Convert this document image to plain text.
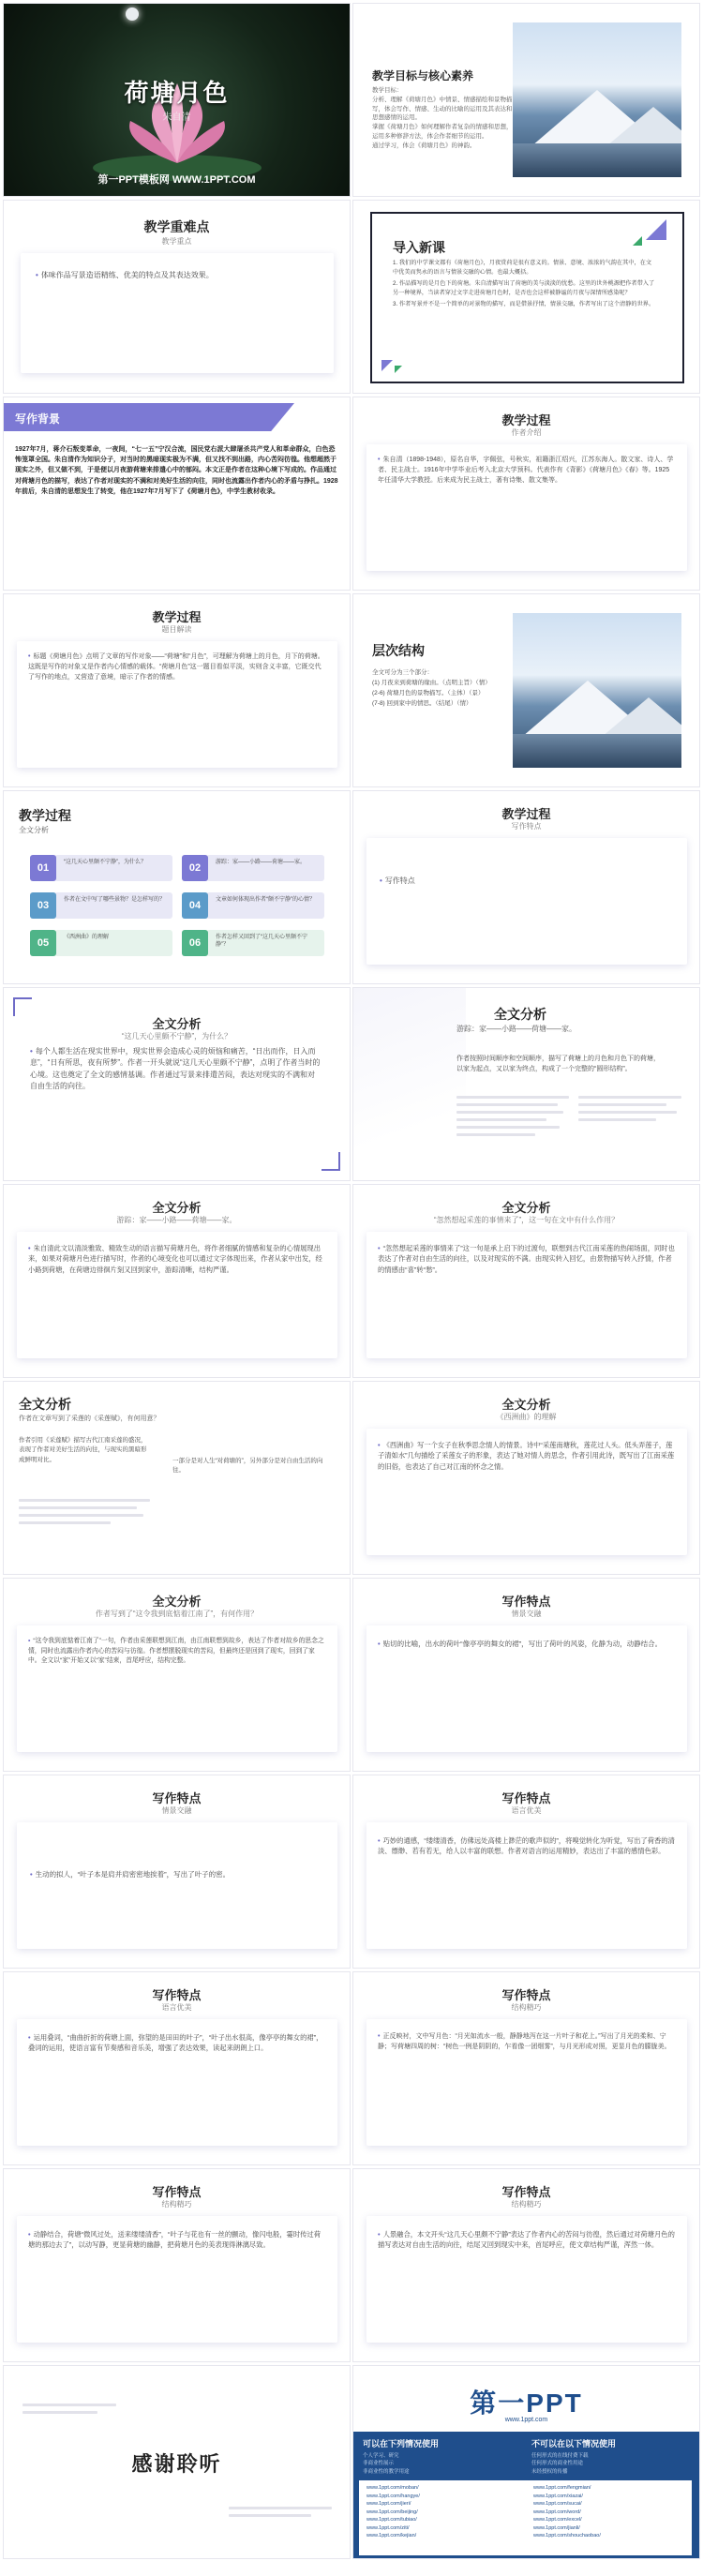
荷塘月色
朱自清
第一PPT模板网 WWW.1PPT.COM
教学目标与核心素养
教学目标：
分析、理解《荷塘月色》中情景、情感描绘和景物描写，体会写作、情感、生动的比喻的运用及其表达和思想感情的运用。
掌握《荷塘月色》如何理解作者复杂的情感和思想，运用多种修辞方法，体会作者细节的运用。
通过学习，体会《荷塘月色》的神韵。
教学重难点
教学重点
• 体味作品写景造语精练、优美的特点及其表达效果。
导入新课
1. 我们的中学课文都有《荷塘月色》，月夜赏荷是很有意义的。情景、意境、浓浓的气韵在其中，在文中优美而隽永的语言与情景交融的心情。也最大概括。
2. 作品描写的是月色下的荷塘。朱自清描写出了荷塘的美与淡淡的忧愁。这里的世外桃源把作者带入了另一种境界，当读者穿过文字走进荷塘月色时，是否也会这样被静谧的月夜与深情所感染呢？
3. 作者写景并不是一个简单的对景物的描写，而是借景抒情，情景交融，作者写出了这个清静的世界。
写作背景
1927年7月，蒋介石叛变革命，一夜间，“七一五”宁汉合流，国民党右派大肆屠杀共产党人和革命群众，白色恐怖笼罩全国。朱自清作为知识分子，对当时的黑暗现实极为不满，但又找不到出路，内心苦闷彷徨。他想超然于现实之外，但又做不到，于是便以月夜游荷塘来排遣心中的郁闷。本文正是作者在这种心境下写成的。作品通过对荷塘月色的描写，表达了作者对现实的不满和对美好生活的向往，同时也流露出作者内心的矛盾与挣扎。1928年前后，朱自清的思想发生了转变，他在1927年7月写下了《荷塘月色》，中学生教材收录。
教学过程
作者介绍
• 朱自清（1898-1948），原名自华，字佩弦，号秋实，祖籍浙江绍兴，江苏东海人。散文家、诗人、学者、民主战士。1916年中学毕业后考入北京大学预科。代表作有《背影》《荷塘月色》《春》等。1925年任清华大学教授。后来成为民主战士，著有诗集、散文集等。
教学过程
题目解读
• 标题《荷塘月色》点明了文章的写作对象——“荷塘”和“月色”，可理解为荷塘上的月色，月下的荷塘。这既是写作的对象又是作者内心情感的载体。“荷塘月色”这一题目看似平淡，实则含义丰富，它既交代了写作的地点，又营造了意境，暗示了作者的情感。
层次结构
全文可分为三个部分：
(1) 月夜来到荷塘的缘由。（点明主旨）（情）
(2-6) 荷塘月色的景物描写。（主体）（景）
(7-8) 回到家中的情思。（结尾）（情）
教学过程
全文分析
01	“这几天心里颇不宁静”，为什么？	02	游踪：家——小路——荷塘——家。
03	作者在文中写了哪些景物？是怎样写的？	04	文章如何体现出作者“颇不宁静”的心情？
05	《西洲曲》的理解	06	作者怎样又回到了“这几天心里颇不宁静”？
教学过程
写作特点
• 写作特点
全文分析
“这几天心里颇不宁静”，为什么？
• 每个人都生活在现实世界中，现实世界会造成心灵的烦恼和痛苦，“日出而作，日入而息”，“日有所思，夜有所梦”。作者一开头就说“这几天心里颇不宁静”，点明了作者当时的心境。这也奠定了全文的感情基调。作者通过写景来排遣苦闷，表达对现实的不满和对自由生活的向往。
全文分析
游踪：家——小路——荷塘——家。
作者按照时间顺序和空间顺序，描写了荷塘上的月色和月色下的荷塘，以家为起点，又以家为终点，构成了一个完整的“圆形结构”。
全文分析
游踪：家——小路——荷塘——家。
• 朱自清此文以清淡雅致、精致生动的语言描写荷塘月色，将作者细腻的情感和复杂的心情展现出来，如果对荷塘月色进行描写时，作者的心境变化也可以通过文字体现出来，作者从家中出发，经小路到荷塘，在荷塘边徘徊片刻又回到家中，游踪清晰，结构严谨。
全文分析
“忽然想起采莲的事情来了”，这一句在文中有什么作用？
• “忽然想起采莲的事情来了”这一句是承上启下的过渡句，联想到古代江南采莲的热闹场面，同时也表达了作者对自由生活的向往，以及对现实的不满。由现实转入回忆，由景物描写转入抒情，作者的情感由“喜”转“愁”。
全文分析
作者在文章写到了采莲的《采莲赋》，有何用意？
作者引用《采莲赋》描写古代江南采莲的盛况，表现了作者对美好生活的向往，与现实的黑暗形成鲜明对比。	一部分是对人生“对荷塘的”，另外部分是对自由生活的向往。
全文分析
《西洲曲》的理解
• 《西洲曲》写一个女子在秋季思念情人的情景。诗中“采莲南塘秋，莲花过人头。低头弄莲子，莲子清如水”几句描绘了采莲女子的形象，表达了她对情人的思念，作者引用此诗，既写出了江南采莲的旧俗，也表达了自己对江南的怀念之情。
全文分析
作者写到了“这令我到底惦着江南了”，有何作用？
• “这令我到底惦着江南了”一句，作者由采莲联想到江南，由江南联想到故乡，表达了作者对故乡的思念之情，同时也流露出作者内心的苦闷与彷徨。作者想摆脱现实的苦闷，但最终还是回到了现实，回到了家中。全文以“家”开始又以“家”结束，首尾呼应，结构完整。
写作特点
情景交融
• 贴切的比喻，出水的荷叶“像亭亭的舞女的裙”，写出了荷叶的风姿，化静为动，动静结合。
写作特点
情景交融
• 生动的拟人，“叶子本是肩并肩密密地挨着”，写出了叶子的密。
写作特点
语言优美
• 巧妙的通感，“缕缕清香，仿佛远处高楼上渺茫的歌声似的”，将嗅觉转化为听觉，写出了荷香的清淡、缥缈、若有若无，给人以丰富的联想。作者对语言的运用精妙，表达出了丰富的感情色彩。
写作特点
语言优美
• 运用叠词，“曲曲折折的荷塘上面，弥望的是田田的叶子”，“叶子出水很高，像亭亭的舞女的裙”，叠词的运用，使语言富有节奏感和音乐美，增强了表达效果，读起来朗朗上口。
写作特点
结构精巧
• 正反映衬，文中写月色：“月光如流水一般，静静地泻在这一片叶子和花上。”写出了月光的柔和、宁静；写荷塘四周的树：“树色一例是阴阴的，乍看像一团烟雾”，与月光形成对照，更显月色的朦胧美。
写作特点
结构精巧
• 动静结合，荷塘“微风过处，送来缕缕清香”，“叶子与花也有一丝的颤动，像闪电般，霎时传过荷塘的那边去了”，以动写静，更显荷塘的幽静，把荷塘月色的美表现得淋漓尽致。
写作特点
结构精巧
• 人景融合，本文开头“这几天心里颇不宁静”表达了作者内心的苦闷与彷徨，然后通过对荷塘月色的描写表达对自由生活的向往，结尾又回到现实中来，首尾呼应，使文章结构严谨，浑然一体。
感谢聆听
第一PPT
www.1ppt.com
可以在下列情况使用	不可以在以下情况使用
个人学习、研究
非商业性展示
非商业性的教学用途
任何形式的在线付费下载
任何形式的商业性用途
未经授权的传播
www.1ppt.com/moban/
www.1ppt.com/hangye/
www.1ppt.com/jieri/
www.1ppt.com/beijing/
www.1ppt.com/tubiao/
www.1ppt.com/ziti/
www.1ppt.com/kejian/
www.1ppt.com/fengmian/
www.1ppt.com/xiazai/
www.1ppt.com/sucai/
www.1ppt.com/word/
www.1ppt.com/excel/
www.1ppt.com/jianli/
www.1ppt.com/shouchaobao/
